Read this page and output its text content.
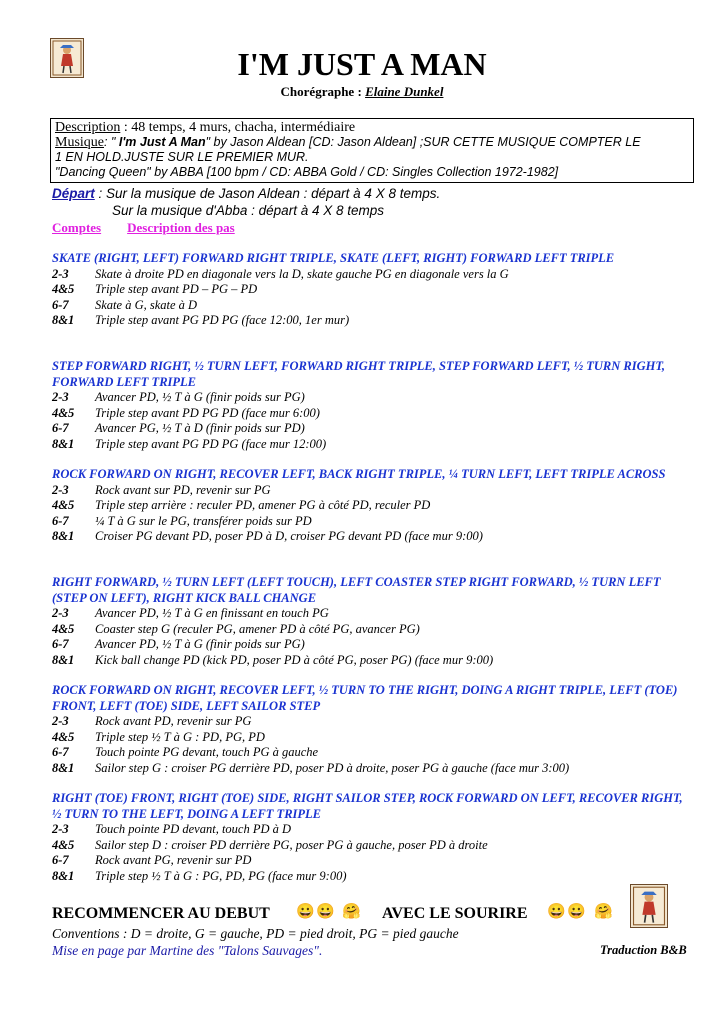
I'M JUST A MAN
Chorégraphe : Elaine Dunkel
Description : 48 temps, 4 murs, chacha, intermédiaire
Musique: " I'm Just A Man" by Jason Aldean [CD: Jason Aldean] ;SUR CETTE MUSIQUE COMPTER LE
1 EN HOLD.JUSTE SUR LE PREMIER MUR.
"Dancing Queen" by ABBA [100 bpm / CD: ABBA Gold / CD: Singles Collection 1972-1982]
Départ : Sur la musique de Jason Aldean : départ à 4 X 8 temps.
Sur la musique d'Abba : départ à 4 X 8 temps
Comptes Description des pas
SKATE (RIGHT, LEFT) FORWARD RIGHT TRIPLE, SKATE (LEFT, RIGHT) FORWARD LEFT TRIPLE
2-3 Skate à droite PD en diagonale vers la D, skate gauche PG en diagonale vers la G
4&5 Triple step avant PD – PG – PD
6-7 Skate à G, skate à D
8&1 Triple step avant PG PD PG (face 12:00, 1er mur)
STEP FORWARD RIGHT, ½ TURN LEFT, FORWARD RIGHT TRIPLE, STEP FORWARD LEFT, ½ TURN RIGHT, FORWARD LEFT TRIPLE
2-3 Avancer PD, ½ T à G (finir poids sur PG)
4&5 Triple step avant PD PG PD (face mur 6:00)
6-7 Avancer PG, ½ T à D (finir poids sur PD)
8&1 Triple step avant PG PD PG (face mur 12:00)
ROCK FORWARD ON RIGHT, RECOVER LEFT, BACK RIGHT TRIPLE, ¼ TURN LEFT, LEFT TRIPLE ACROSS
2-3 Rock avant sur PD, revenir sur PG
4&5 Triple step arrière : reculer PD, amener PG à côté PD, reculer PD
6-7 ¼ T à G sur le PG, transférer poids sur PD
8&1 Croiser PG devant PD, poser PD à D, croiser PG devant PD (face mur 9:00)
RIGHT FORWARD, ½ TURN LEFT (LEFT TOUCH), LEFT COASTER STEP RIGHT FORWARD, ½ TURN LEFT (STEP ON LEFT), RIGHT KICK BALL CHANGE
2-3 Avancer PD, ½ T à G en finissant en touch PG
4&5 Coaster step G (reculer PG, amener PD à côté PG, avancer PG)
6-7 Avancer PD, ½ T à G (finir poids sur PG)
8&1 Kick ball change PD (kick PD, poser PD à côté PG, poser PG) (face mur 9:00)
ROCK FORWARD ON RIGHT, RECOVER LEFT, ½ TURN TO THE RIGHT, DOING A RIGHT TRIPLE, LEFT (TOE) FRONT, LEFT (TOE) SIDE, LEFT SAILOR STEP
2-3 Rock avant PD, revenir sur PG
4&5 Triple step ½ T à G : PD, PG, PD
6-7 Touch pointe PG devant, touch PG à gauche
8&1 Sailor step G : croiser PG derrière PD, poser PD à droite, poser PG à gauche (face mur 3:00)
RIGHT (TOE) FRONT, RIGHT (TOE) SIDE, RIGHT SAILOR STEP, ROCK FORWARD ON LEFT, RECOVER RIGHT, ½ TURN TO THE LEFT, DOING A LEFT TRIPLE
2-3 Touch pointe PD devant, touch PD à D
4&5 Sailor step D : croiser PD derrière PG, poser PG à gauche, poser PD à droite
6-7 Rock avant PG, revenir sur PD
8&1 Triple step ½ T à G : PG, PD, PG (face mur 9:00)
RECOMMENCER AU DEBUT 😀 😀 🤗 AVEC LE SOURIRE 😀 😀 🤗
Conventions : D = droite, G = gauche, PD = pied droit, PG = pied gauche
Mise en page par Martine des "Talons Sauvages".	Traduction B&B
